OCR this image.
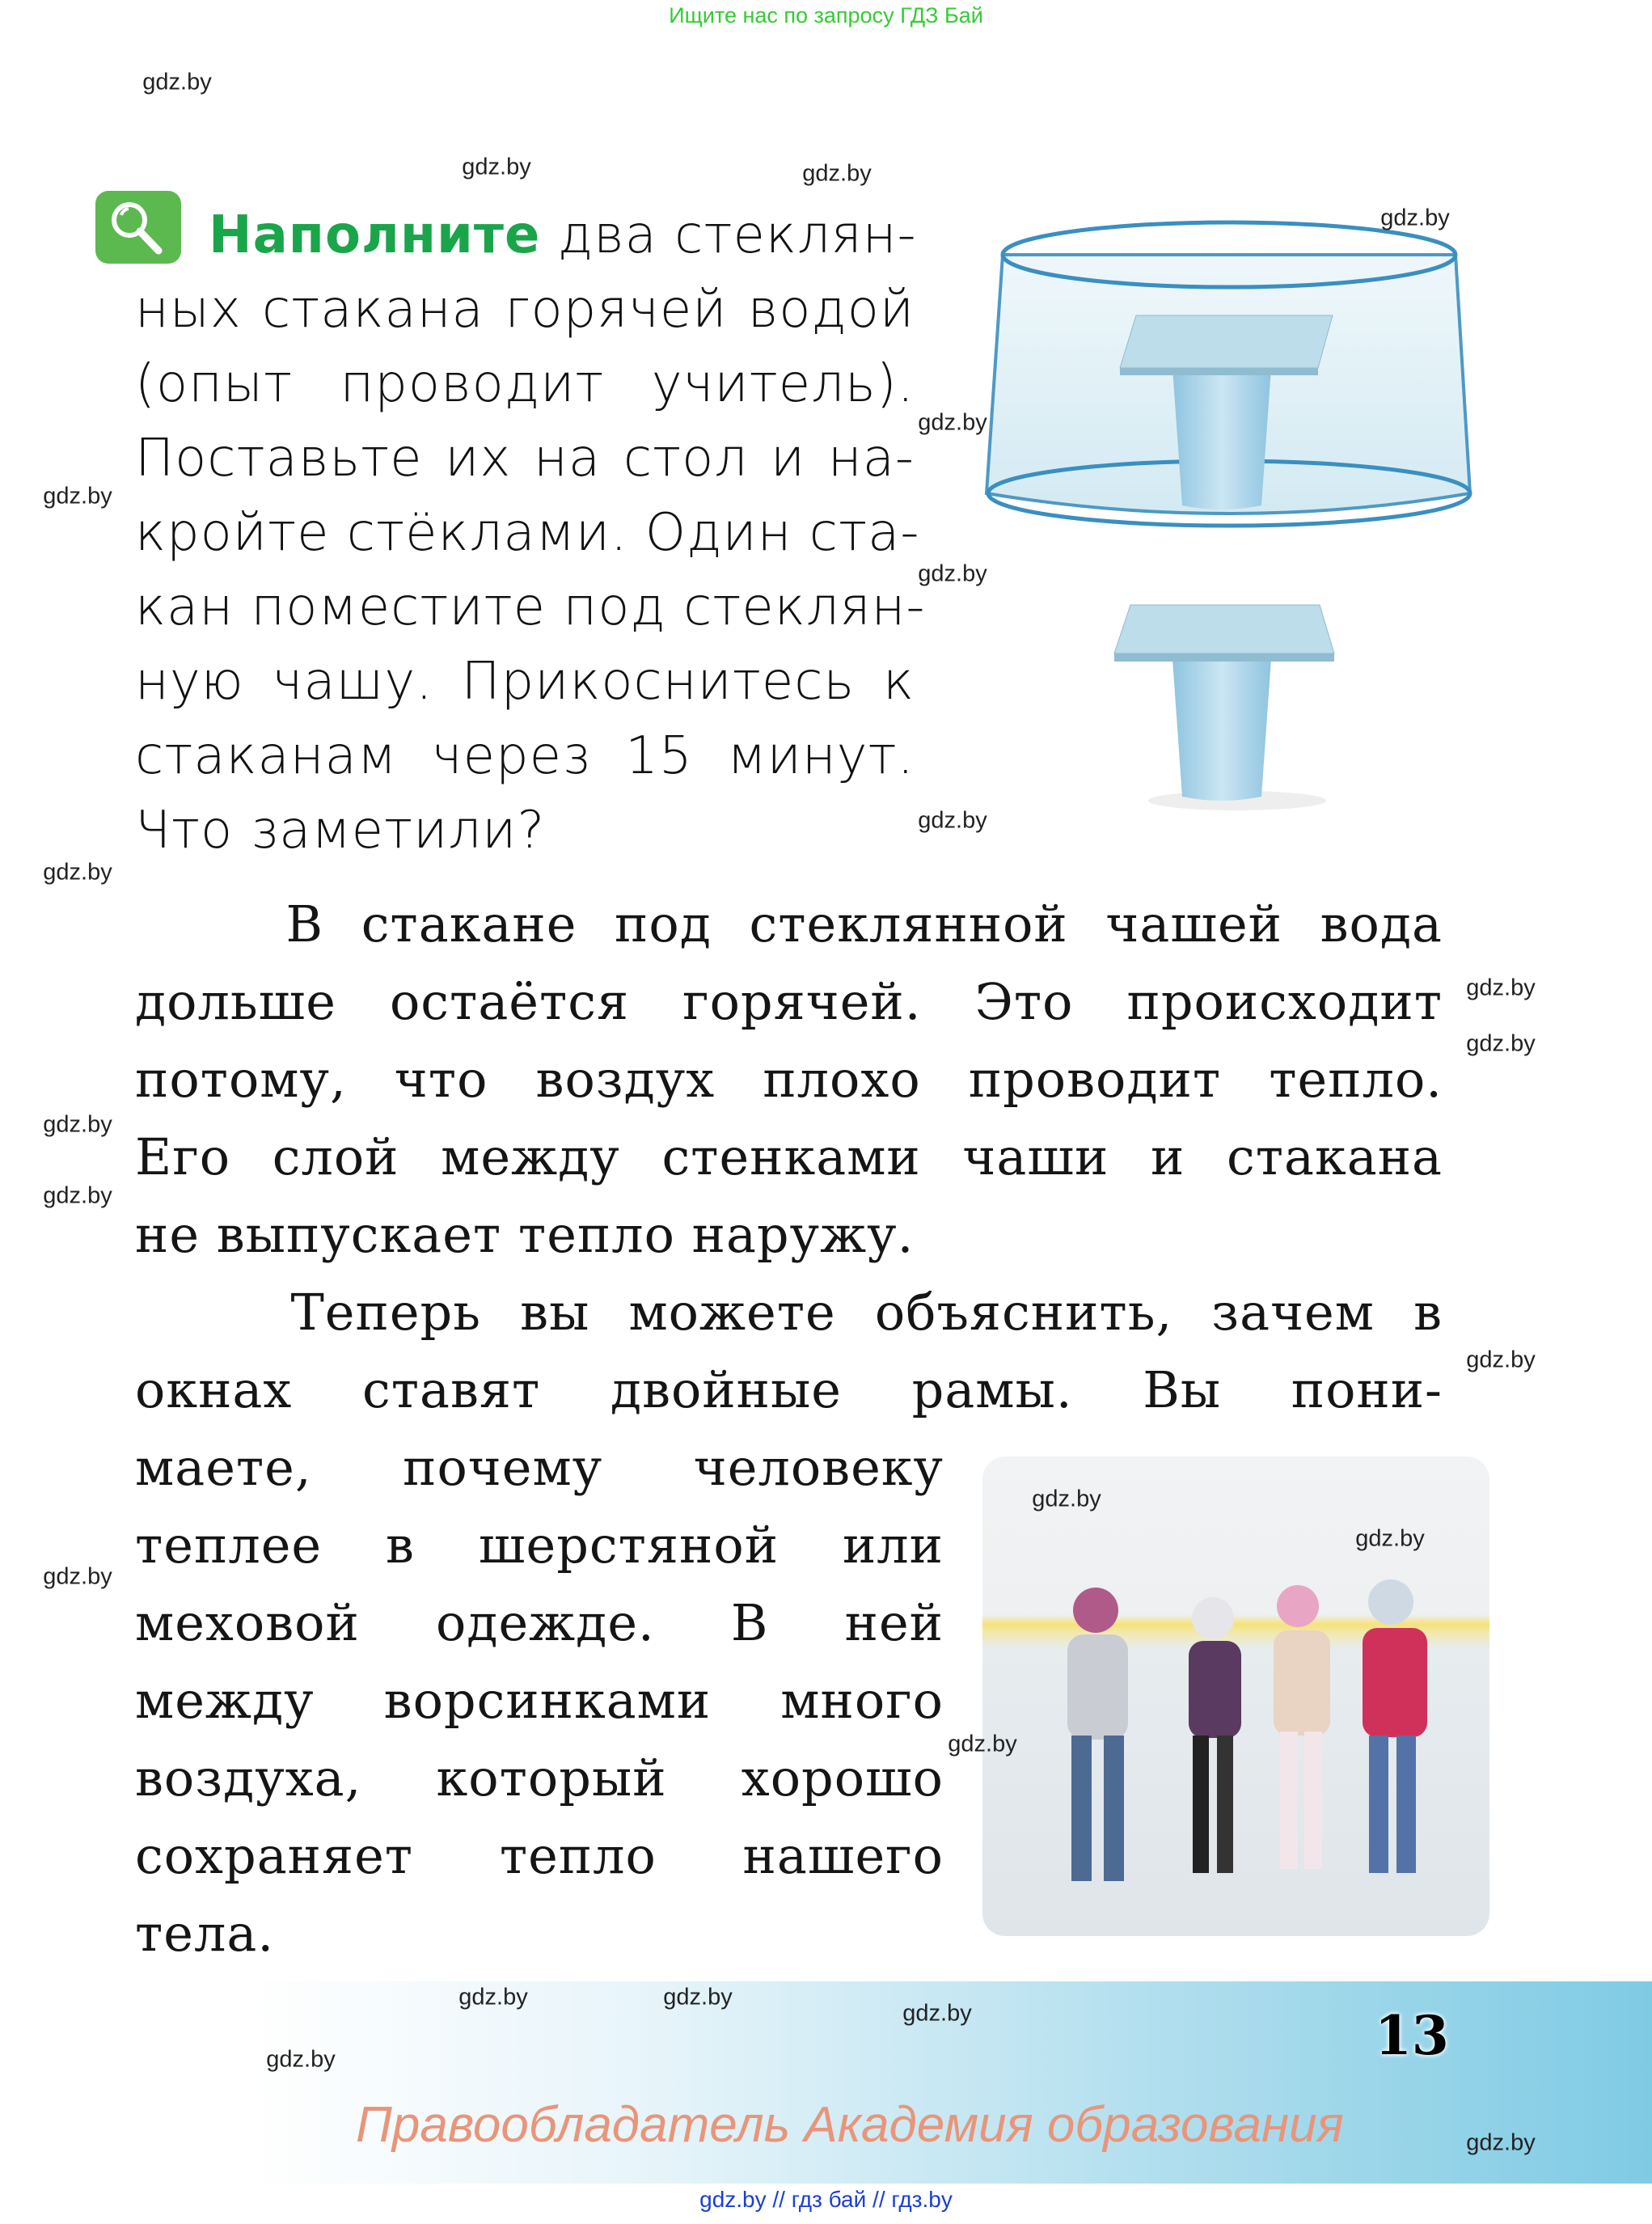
Ищите нас по запросу ГДЗ Бай
Наполните два стеклян-
ных стакана горячей водой
(опыт проводит учитель).
Поставьте их на стол и на-
кройте стёклами. Один ста-
кан поместите под стеклян-
ную чашу. Прикоснитесь к
стаканам через 15 минут.
Что заметили?
В стакане под стеклянной чашей вода
дольше остаётся горячей. Это происходит
потому, что воздух плохо проводит тепло.
Его слой между стенками чаши и стакана
не выпускает тепло наружу.
Теперь вы можете объяснить, зачем в
окнах ставят двойные рамы. Вы пони-
маете, почему человеку
теплее в шерстяной или
меховой одежде. В ней
между ворсинками много
воздуха, который хорошо
сохраняет тепло нашего
тела.
13
Правообладатель Академия образования
gdz.by // гдз бай // гдз.by
gdz.by
gdz.by
gdz.by
gdz.by
gdz.by
gdz.by
gdz.by
gdz.by
gdz.by
gdz.by
gdz.by
gdz.by
gdz.by
gdz.by
gdz.by
gdz.by
gdz.by
gdz.by
gdz.by	gdz.by
gdz.by
gdz.by
gdz.by
